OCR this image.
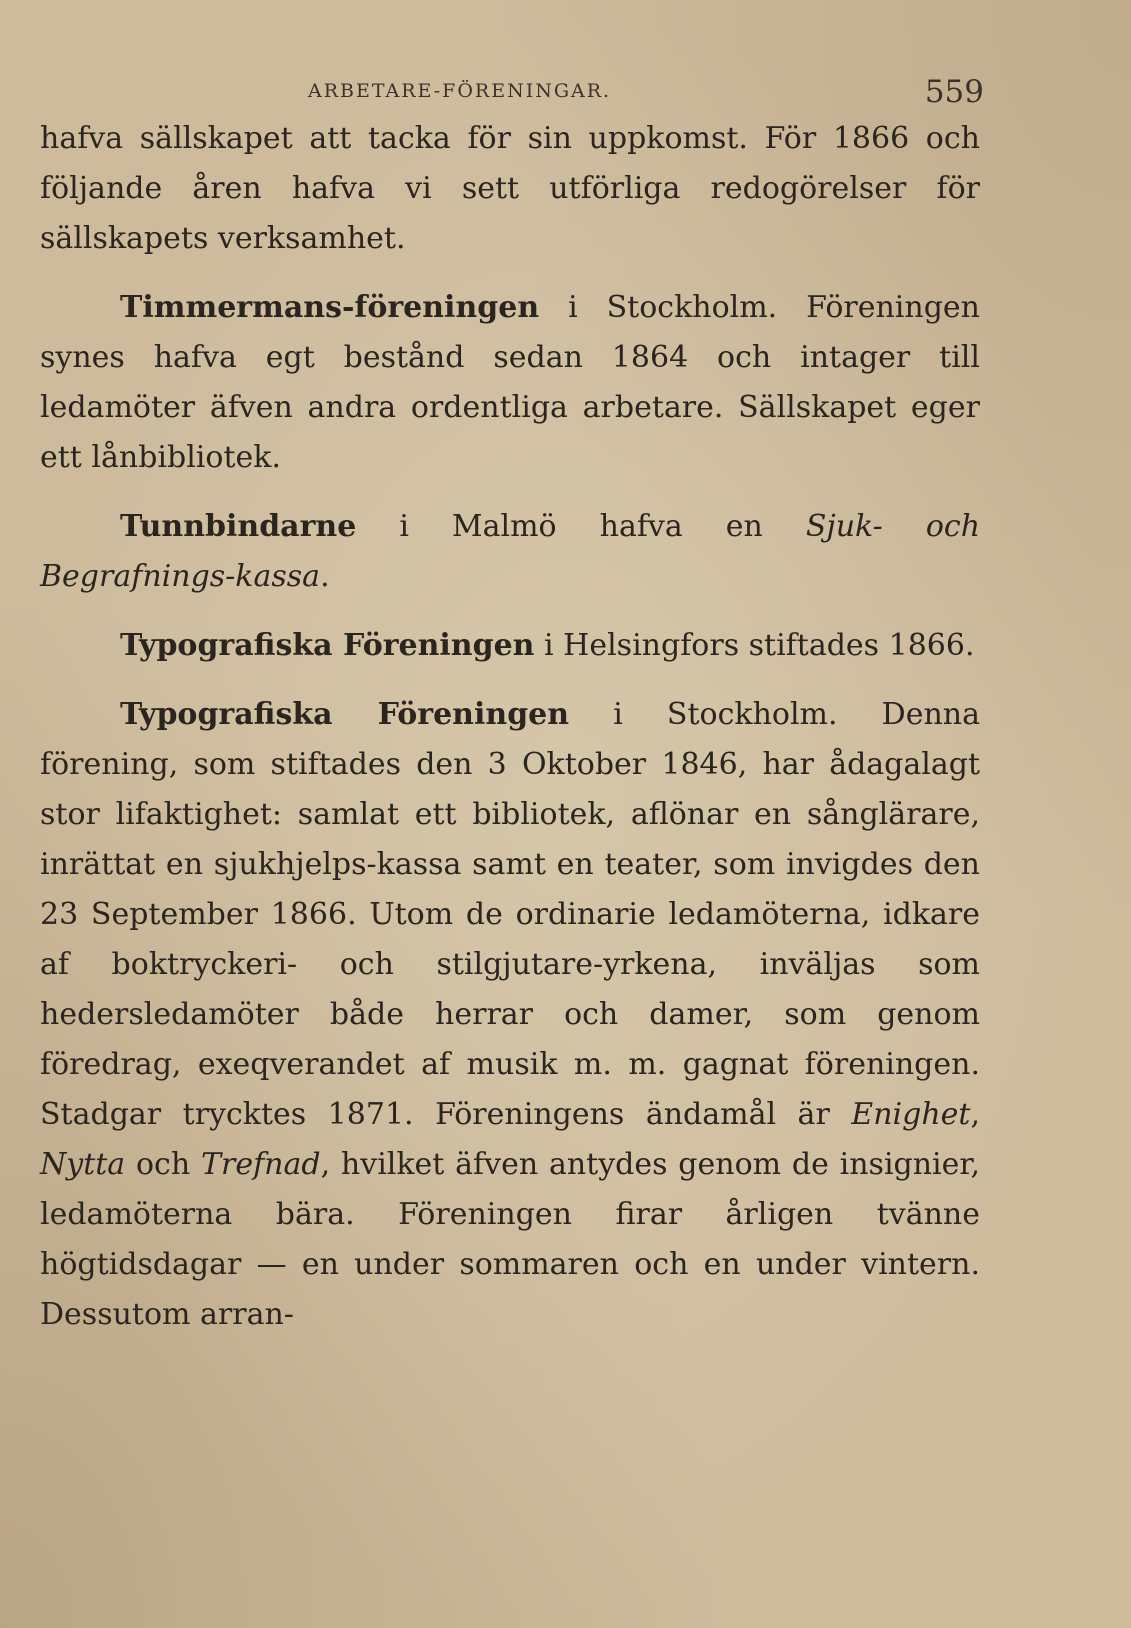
ARBETARE-FÖRENINGAR.	559

hafva sällskapet att tacka för sin uppkomst. För 1866 och följande åren hafva vi sett utförliga redogörelser för sällskapets verksamhet.

Timmermans-föreningen i Stockholm. Föreningen synes hafva egt bestånd sedan 1864 och intager till ledamöter äfven andra ordentliga arbetare. Sällskapet eger ett lånbibliotek.

Tunnbindarne i Malmö hafva en Sjuk- och Begrafnings-kassa.

Typografiska Föreningen i Helsingfors stiftades 1866.

Typografiska Föreningen i Stockholm. Denna förening, som stiftades den 3 Oktober 1846, har ådagalagt stor lifaktighet: samlat ett bibliotek, aflönar en sånglärare, inrättat en sjukhjelps-kassa samt en teater, som invigdes den 23 September 1866. Utom de ordinarie ledamöterna, idkare af boktryckeri- och stilgjutare-yrkena, inväljas som hedersledamöter både herrar och damer, som genom föredrag, exeqverandet af musik m. m. gagnat föreningen. Stadgar trycktes 1871. Föreningens ändamål är Enighet, Nytta och Trefnad, hvilket äfven antydes genom de insignier, ledamöterna bära. Föreningen firar årligen tvänne högtidsdagar — en under sommaren och en under vintern. Dessutom arran-
